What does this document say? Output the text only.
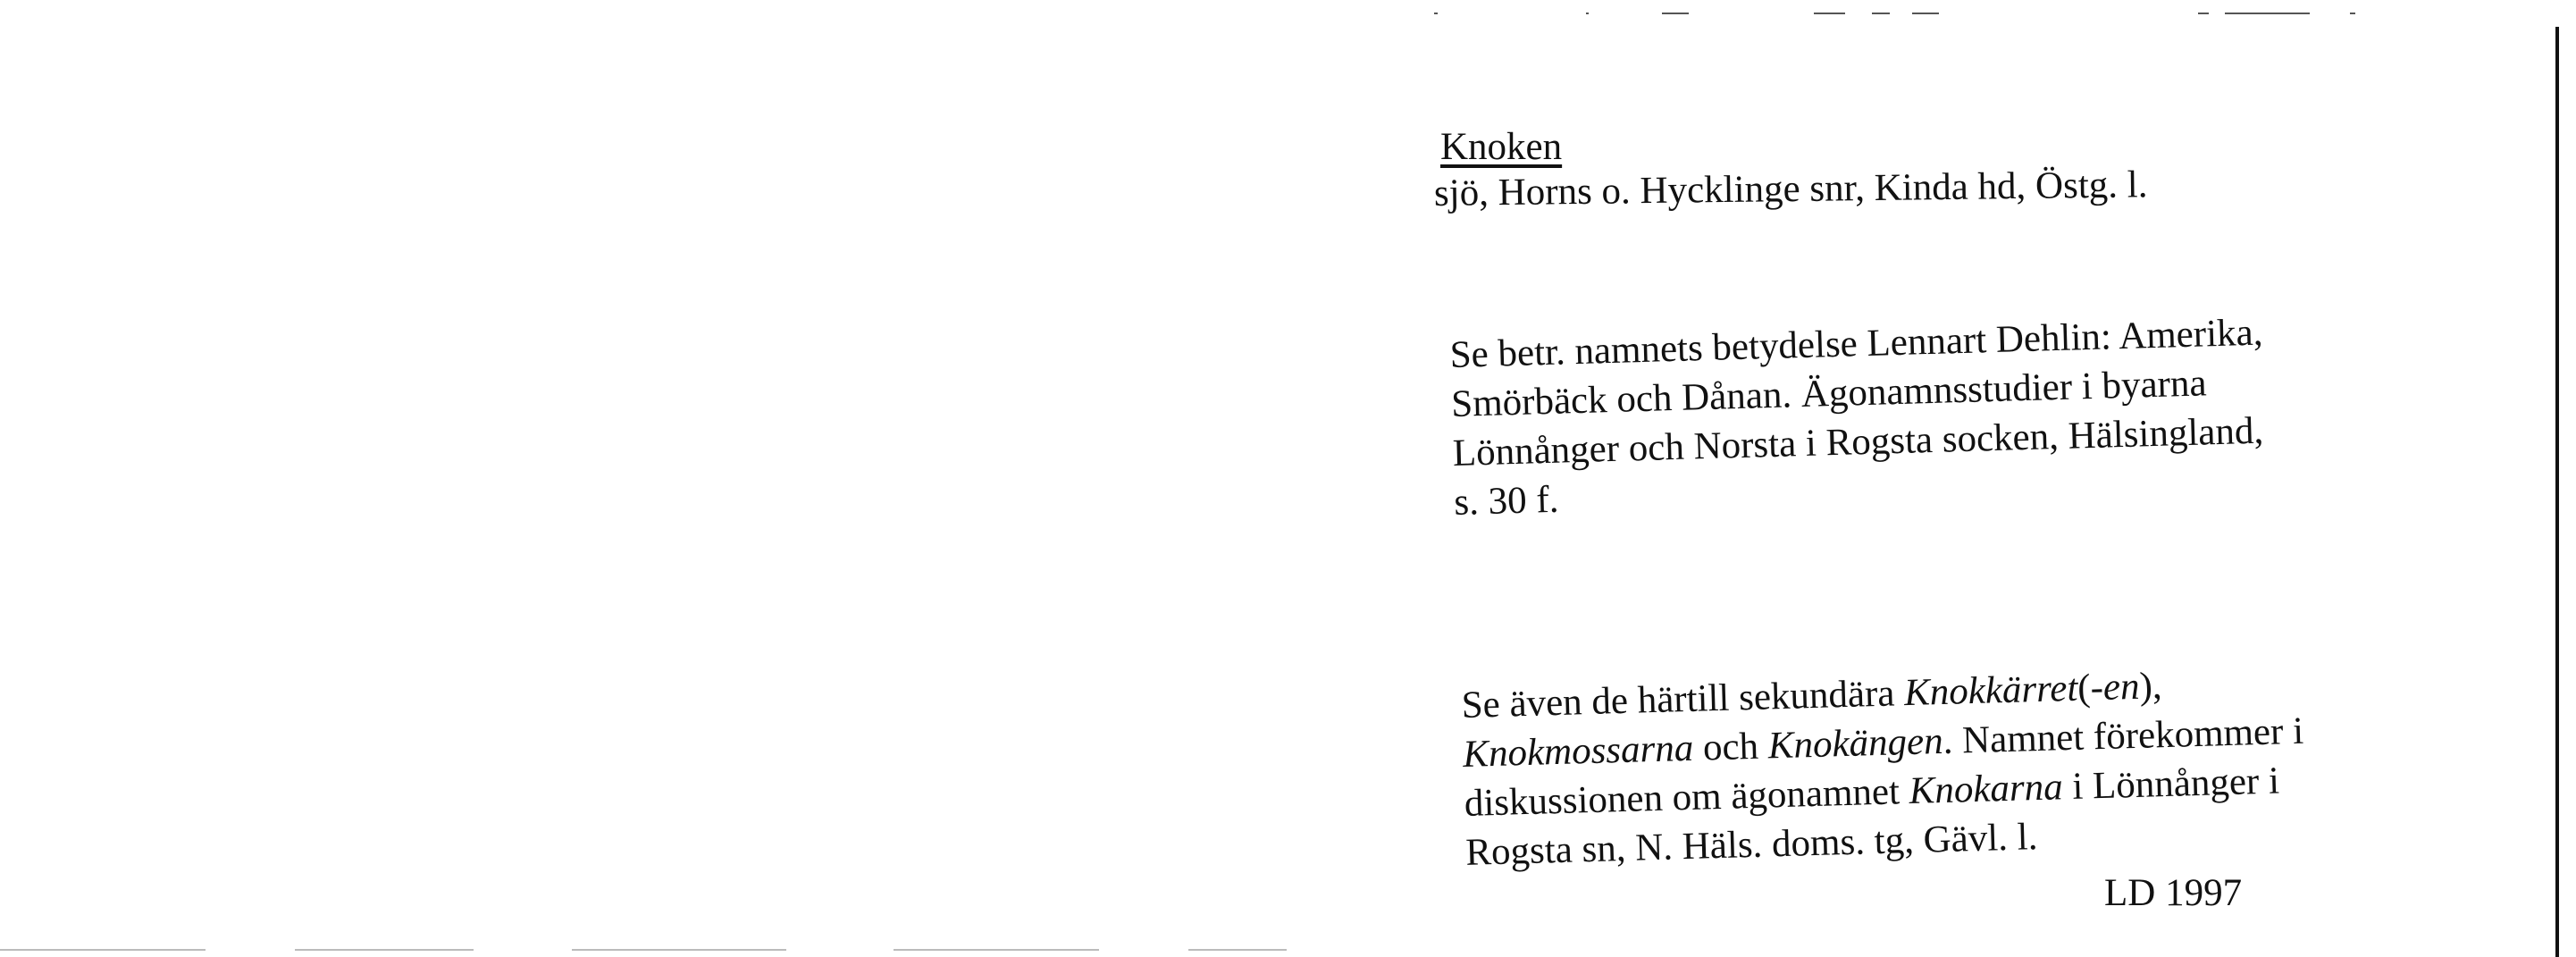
Knoken
sjö, Horns o. Hycklinge snr, Kinda hd, Östg. l.
Se betr. namnets betydelse Lennart Dehlin: Amerika,
Smörbäck och Dånan. Ägonamnsstudier i byarna
Lönnånger och Norsta i Rogsta socken, Hälsingland,
s. 30 f.
Se även de härtill sekundära Knokkärret(-en),
Knokmossarna och Knokängen. Namnet förekommer i
diskussionen om ägonamnet Knokarna i Lönnånger i
Rogsta sn, N. Häls. doms. tg, Gävl. l.
LD 1997
